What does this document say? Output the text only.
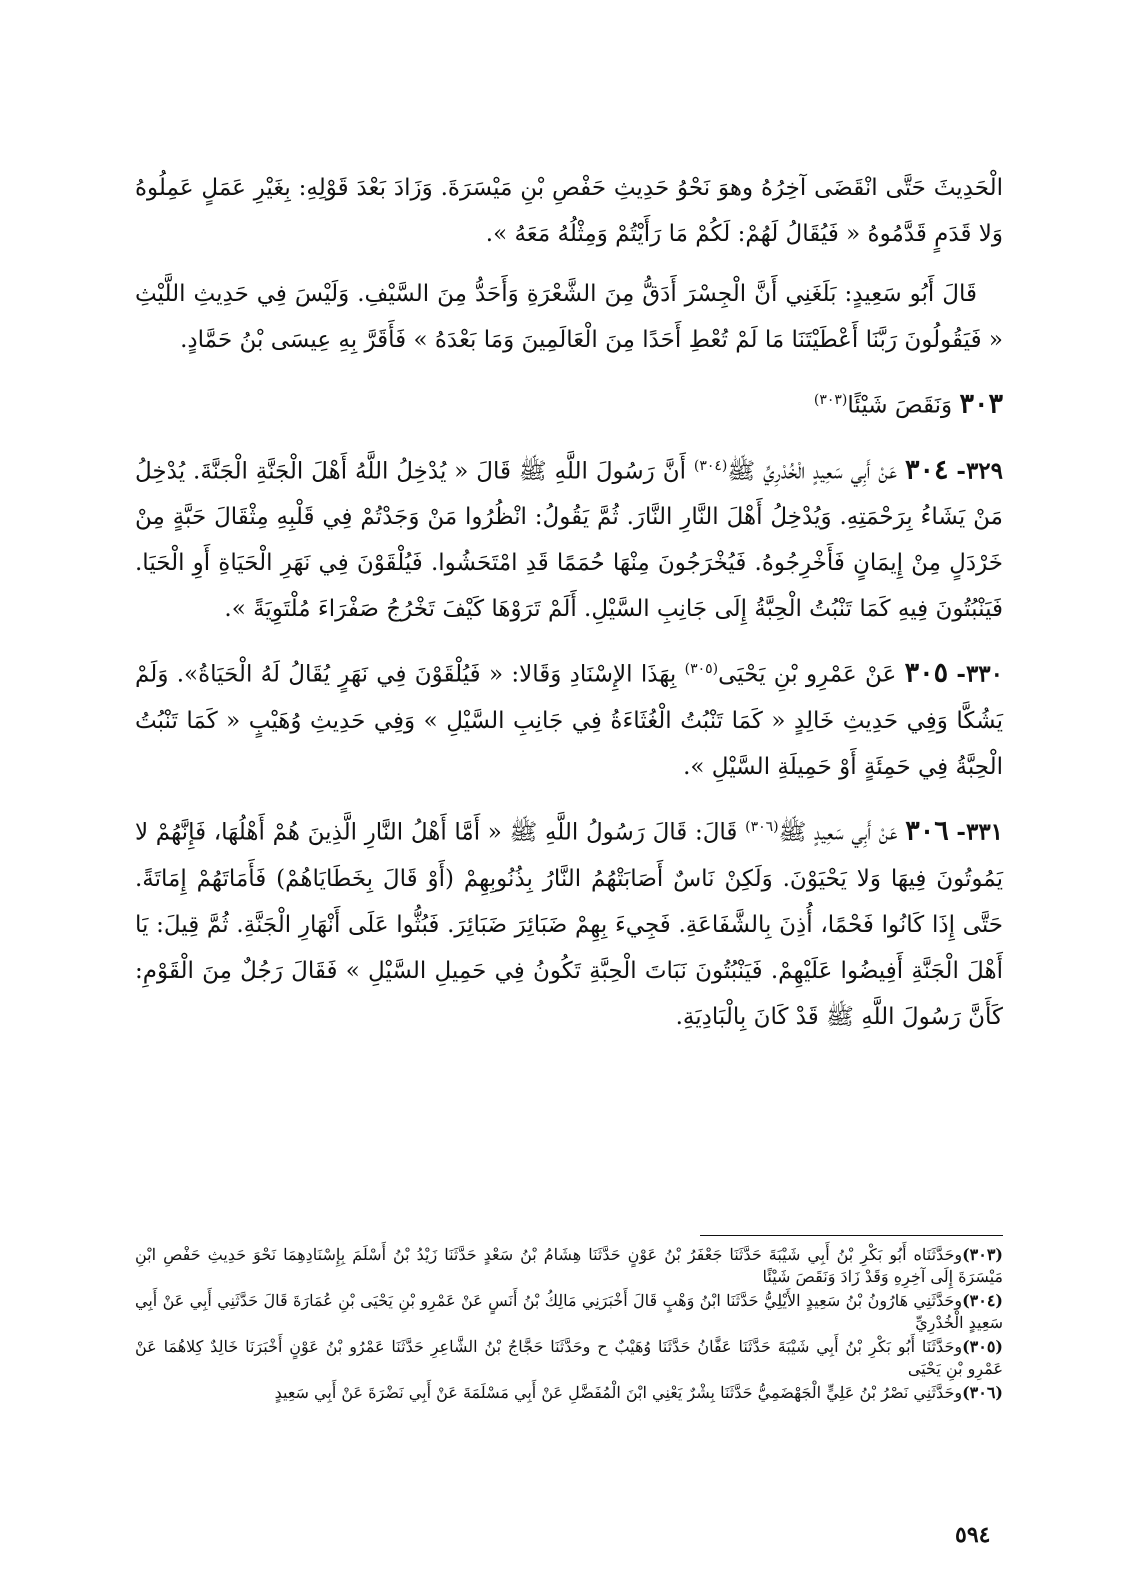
الْحَدِيثَ حَتَّى انْقَضَى آخِرُهُ وهوَ نَحْوُ حَدِيثِ حَفْصِ بْنِ مَيْسَرَةَ. وَزَادَ بَعْدَ قَوْلِهِ: بِغَيْرِ عَمَلٍ عَمِلُوهُ وَلا قَدَمٍ قَدَّمُوهُ « فَيُقَالُ لَهُمْ: لَكُمْ مَا رَأَيْتُمْ وَمِثْلُهُ مَعَهُ ».

قَالَ أَبُو سَعِيدٍ: بَلَغَنِي أَنَّ الْجِسْرَ أَدَقُّ مِنَ الشَّعْرَةِ وَأَحَدُّ مِنَ السَّيْفِ. وَلَيْسَ فِي حَدِيثِ اللَّيْثِ « فَيَقُولُونَ رَبَّنَا أَعْطَيْتَنَا مَا لَمْ تُعْطِ أَحَدًا مِنَ الْعَالَمِينَ وَمَا بَعْدَهُ » فَأَقَرَّ بِهِ عِيسَى بْنُ حَمَّادٍ.

٣٠٣ وَنَقَصَ شَيْئًا$^{(٣٠٣)}$

٣٢٩- ٣٠٤ عَنْ أَبِي سَعِيدٍ الْخُدْرِيِّ ﷺ$^{(٣٠٤)}$ أَنَّ رَسُولَ اللَّهِ ﷺ قَالَ « يُدْخِلُ اللَّهُ أَهْلَ الْجَنَّةِ الْجَنَّةَ. يُدْخِلُ مَنْ يَشَاءُ بِرَحْمَتِهِ. وَيُدْخِلُ أَهْلَ النَّارِ النَّارَ. ثُمَّ يَقُولُ: انْظُرُوا مَنْ وَجَدْتُمْ فِي قَلْبِهِ مِثْقَالَ حَبَّةٍ مِنْ خَرْدَلٍ مِنْ إِيمَانٍ فَأَخْرِجُوهُ. فَيُخْرَجُونَ مِنْهَا حُمَمًا قَدِ امْتَحَشُوا. فَيُلْقَوْنَ فِي نَهَرِ الْحَيَاةِ أَوِ الْحَيَا. فَيَنْبُتُونَ فِيهِ كَمَا تَنْبُتُ الْحِبَّةُ إِلَى جَانِبِ السَّيْلِ. أَلَمْ تَرَوْهَا كَيْفَ تَخْرُجُ صَفْرَاءَ مُلْتَوِيَةً ».

٣٣٠- ٣٠٥ عَنْ عَمْرِو بْنِ يَحْيَى$^{(٣٠٥)}$ بِهَذَا الإِسْنَادِ وَقَالا: « فَيُلْقَوْنَ فِي نَهَرٍ يُقَالُ لَهُ الْحَيَاةُ». وَلَمْ يَشُكَّا وَفِي حَدِيثِ خَالِدٍ « كَمَا تَنْبُتُ الْغُثَاءَةُ فِي جَانِبِ السَّيْلِ » وَفِي حَدِيثِ وُهَيْبٍ « كَمَا تَنْبُتُ الْحِبَّةُ فِي حَمِئَةٍ أَوْ حَمِيلَةِ السَّيْلِ ».

٣٣١- ٣٠٦ عَنْ أَبِي سَعِيدٍ ﷺ$^{(٣٠٦)}$ قَالَ: قَالَ رَسُولُ اللَّهِ ﷺ « أَمَّا أَهْلُ النَّارِ الَّذِينَ هُمْ أَهْلُهَا، فَإِنَّهُمْ لا يَمُوتُونَ فِيهَا وَلا يَحْيَوْنَ. وَلَكِنْ نَاسٌ أَصَابَتْهُمُ النَّارُ بِذُنُوبِهِمْ (أَوْ قَالَ بِخَطَايَاهُمْ) فَأَمَاتَهُمْ إِمَاتَةً. حَتَّى إِذَا كَانُوا فَحْمًا، أُذِنَ بِالشَّفَاعَةِ. فَجِيءَ بِهِمْ ضَبَائِرَ ضَبَائِرَ. فَبُثُّوا عَلَى أَنْهَارِ الْجَنَّةِ. ثُمَّ قِيلَ: يَا أَهْلَ الْجَنَّةِ أَفِيضُوا عَلَيْهِمْ. فَيَنْبُتُونَ نَبَاتَ الْحِبَّةِ تَكُونُ فِي حَمِيلِ السَّيْلِ » فَقَالَ رَجُلٌ مِنَ الْقَوْمِ: كَأَنَّ رَسُولَ اللَّهِ ﷺ قَدْ كَانَ بِالْبَادِيَةِ.

(٣٠٣)وحَدَّثَنَاه أَبُو بَكْرِ بْنُ أَبِي شَيْبَةَ حَدَّثَنَا جَعْفَرُ بْنُ عَوْنٍ حَدَّثَنَا هِشَامُ بْنُ سَعْدٍ حَدَّثَنَا زَيْدُ بْنُ أَسْلَمَ بِإِسْنَادِهِمَا نَحْوَ حَدِيثِ حَفْصِ ابْنِ مَيْسَرَةَ إِلَى آخِرِهِ وَقَدْ زَادَ وَنَقَصَ شَيْئًا

(٣٠٤)وحَدَّثَنِي هَارُونُ بْنُ سَعِيدٍ الأَيْلِيُّ حَدَّثَنَا ابْنُ وَهْبٍ قَالَ أَخْبَرَنِي مَالِكُ بْنُ أَنَسٍ عَنْ عَمْرِو بْنِ يَحْيَى بْنِ عُمَارَةَ قَالَ حَدَّثَنِي أَبِي عَنْ أَبِي سَعِيدٍ الْخُدْرِيِّ

(٣٠٥)وحَدَّثَنَا أَبُو بَكْرِ بْنُ أَبِي شَيْبَةَ حَدَّثَنَا عَفَّانُ حَدَّثَنَا وُهَيْبٌ ح وحَدَّثَنَا حَجَّاجُ بْنُ الشَّاعِرِ حَدَّثَنَا عَمْرُو بْنُ عَوْنٍ أَخْبَرَنَا خَالِدٌ كِلاهُمَا عَنْ عَمْرِو بْنِ يَحْيَى

(٣٠٦)وحَدَّثَنِي نَصْرُ بْنُ عَلِيٍّ الْجَهْضَمِيُّ حَدَّثَنَا بِشْرٌ يَعْنِي ابْنَ الْمُفَضَّلِ عَنْ أَبِي مَسْلَمَةَ عَنْ أَبِي نَضْرَةَ عَنْ أَبِي سَعِيدٍ

٥٩٤
